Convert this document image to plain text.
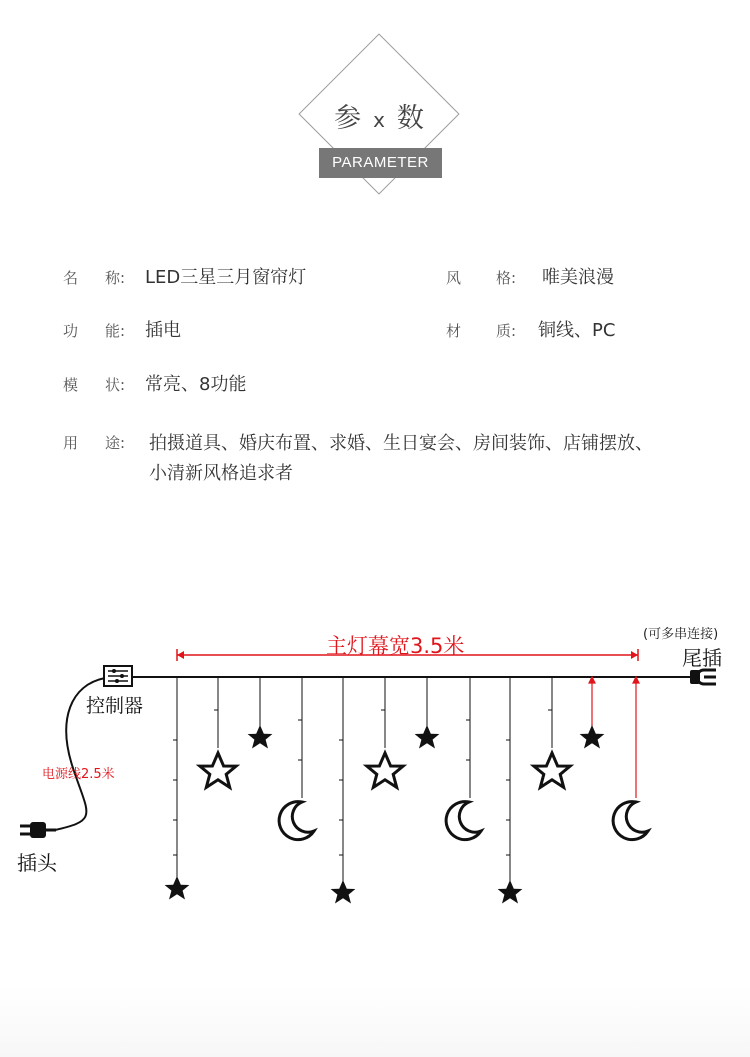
参 x 数
PARAMETER
名 称: LED三星三月窗帘灯	风 格: 唯美浪漫
功 能: 插电	材 质: 铜线、PC
模 状: 常亮、8功能
用 途:	拍摄道具、婚庆布置、求婚、生日宴会、房间装饰、店铺摆放、
小清新风格追求者
主灯幕宽3.5米	(可多串连接)
尾插
控制器
电源线2.5米
插头
